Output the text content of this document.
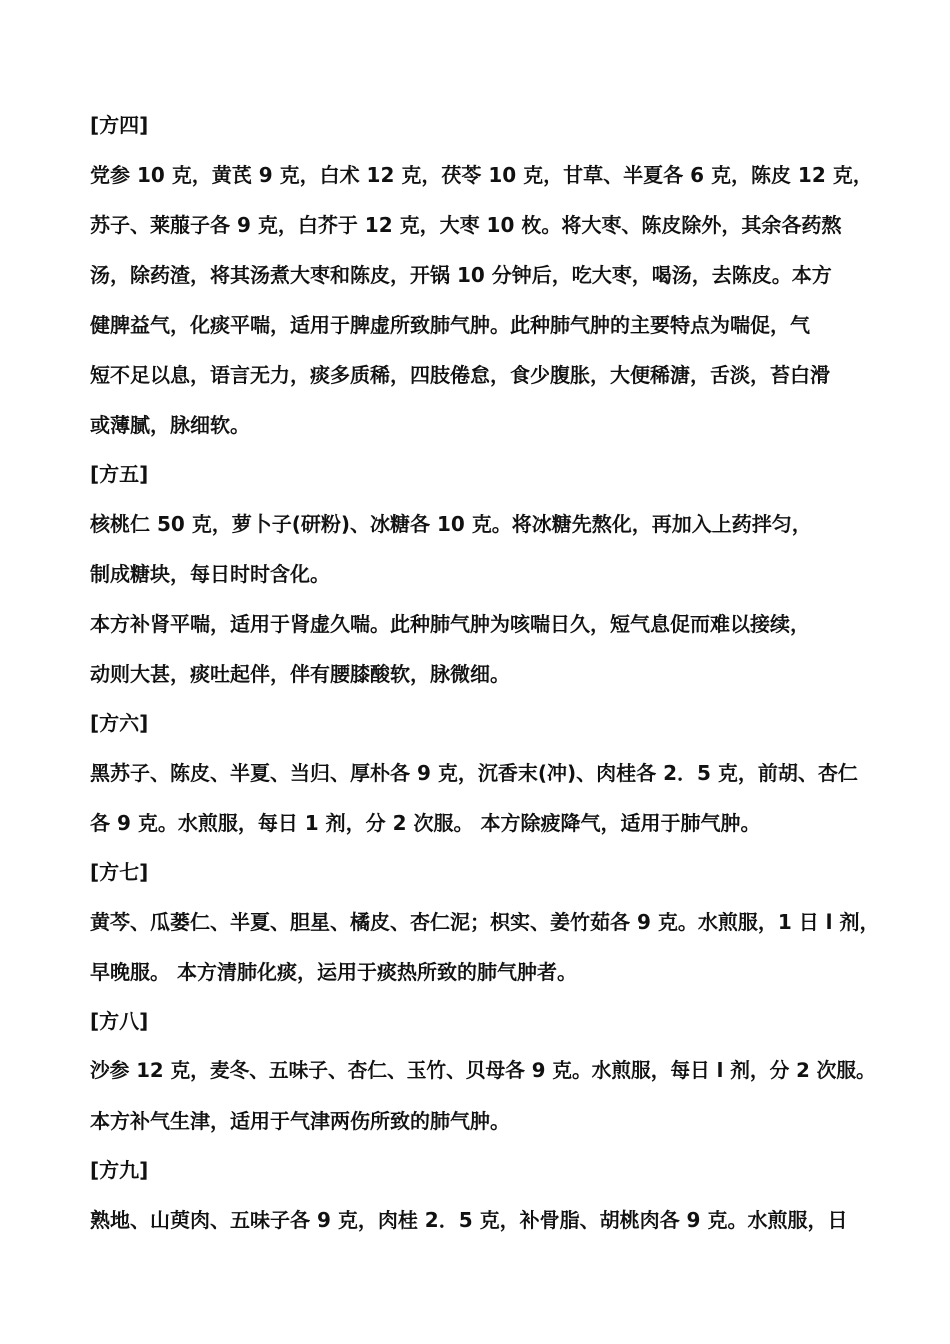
[方四]
党参 10 克，黄芪 9 克，白术 12 克，茯苓 10 克，甘草、半夏各 6 克，陈皮 12 克，
苏子、莱菔子各 9 克，白芥于 12 克，大枣 10 枚。将大枣、陈皮除外，其余各药熬
汤，除药渣，将其汤煮大枣和陈皮，开锅 10 分钟后，吃大枣，喝汤，去陈皮。本方
健脾益气，化痰平喘，适用于脾虚所致肺气肿。此种肺气肿的主要特点为喘促，气
短不足以息，语言无力，痰多质稀，四肢倦怠，食少腹胀，大便稀溏，舌淡，苔白滑
或薄腻，脉细软。
[方五]
核桃仁 50 克，萝卜子(研粉)、冰糖各 10 克。将冰糖先熬化，再加入上药拌匀，
制成糖块，每日时时含化。
本方补肾平喘，适用于肾虚久喘。此种肺气肿为咳喘日久，短气息促而难以接续，
动则大甚，痰吐起伴，伴有腰膝酸软，脉微细。
[方六]
黑苏子、陈皮、半夏、当归、厚朴各 9 克，沉香末(冲)、肉桂各 2．5 克，前胡、杏仁
各 9 克。水煎服，每日 1 剂，分 2 次服。 本方除疲降气，适用于肺气肿。
[方七]
黄芩、瓜蒌仁、半夏、胆星、橘皮、杏仁泥；枳实、姜竹茹各 9 克。水煎服，1 日 l 剂，
早晚服。 本方清肺化痰，运用于痰热所致的肺气肿者。
[方八]
沙参 12 克，麦冬、五味子、杏仁、玉竹、贝母各 9 克。水煎服，每日 l 剂，分 2 次服。
本方补气生津，适用于气津两伤所致的肺气肿。
[方九]
熟地、山萸肉、五味子各 9 克，肉桂 2．5 克，补骨脂、胡桃肉各 9 克。水煎服，日
